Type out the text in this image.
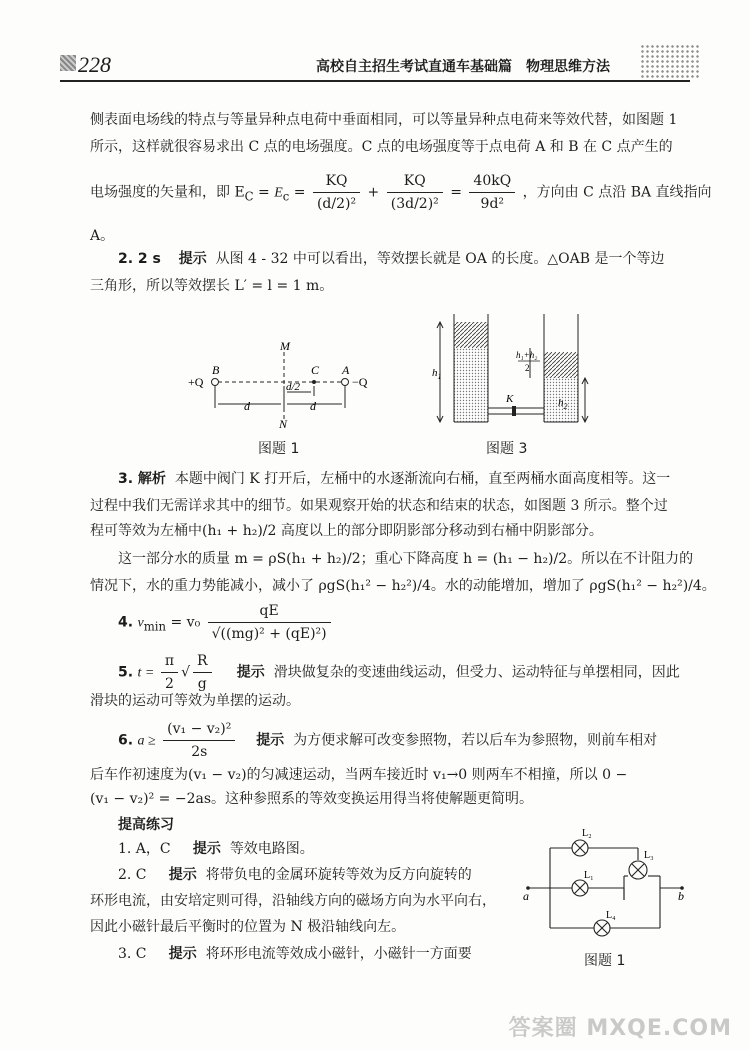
228	高校自主招生考试直通车基础篇　物理思维方法
侧表面电场线的特点与等量异种点电荷中垂面相同，可以等量异种点电荷来等效代替，如图题 1
所示，这样就很容易求出 C 点的电场强度。C 点的电场强度等于点电荷 A 和 B 在 C 点产生的
电场强度的矢量和，即 $E_C = E_c = \frac{KQ}{\text{(d/2)²}} + \frac{KQ}{\text{(3d/2)²}} = \frac{40kQ}{\text{9d²}}$ ，方向由 C 点沿 BA 直线指向
A。
2. 2 s 提示 从图 4 - 32 中可以看出，等效摆长就是 OA 的长度。△OAB 是一个等边
三角形，所以等效摆长 L′ = l = 1 m。
M
N
B	A
C
+Q	−Q
d	d
d/2
图题 1
$h_1$
$h_2$
K
h₁+h₂
2
图题 3
3. 解析 本题中阀门 K 打开后，左桶中的水逐渐流向右桶，直至两桶水面高度相等。这一
过程中我们无需详求其中的细节。如果观察开始的状态和结束的状态，如图题 3 所示。整个过
程可等效为左桶中(h₁ + h₂)/2 高度以上的部分即阴影部分移动到右桶中阴影部分。
这一部分水的质量 m = ρS(h₁ + h₂)/2；重心下降高度 h = (h₁ − h₂)/2。所以在不计阻力的
情况下，水的重力势能减小，减小了 ρgS(h₁² − h₂²)/4。水的动能增加，增加了 ρgS(h₁² − h₂²)/4。
4. $v_{min} = v_0 \frac{qE}{\text{√((mg)² + (qE)²)}}$
5. $t = \frac{\pi}{2}$ √ $\frac{R}{g}$ 提示 滑块做复杂的变速曲线运动，但受力、运动特征与单摆相同，因此
滑块的运动可等效为单摆的运动。
6. $a \ge \frac{\text{(v₁ − v₂)²}}{2s}$ 提示 为方便求解可改变参照物，若以后车为参照物，则前车相对
后车作初速度为(v₁ − v₂)的匀减速运动，当两车接近时 v₁→0 则两车不相撞，所以 0 −
(v₁ − v₂)² = −2as。这种参照系的等效变换运用得当将使解题更简明。
提高练习
1. A，C 提示 等效电路图。
2. C 提示 将带负电的金属环旋转等效为反方向旋转的
环形电流，由安培定则可得，沿轴线方向的磁场方向为水平向右，
因此小磁针最后平衡时的位置为 N 极沿轴线向左。
3. C 提示 将环形电流等效成小磁针，小磁针一方面要
a	b
L₂
L₁
L₃
L₄
图题 1
答案圈 MXQE.COM
